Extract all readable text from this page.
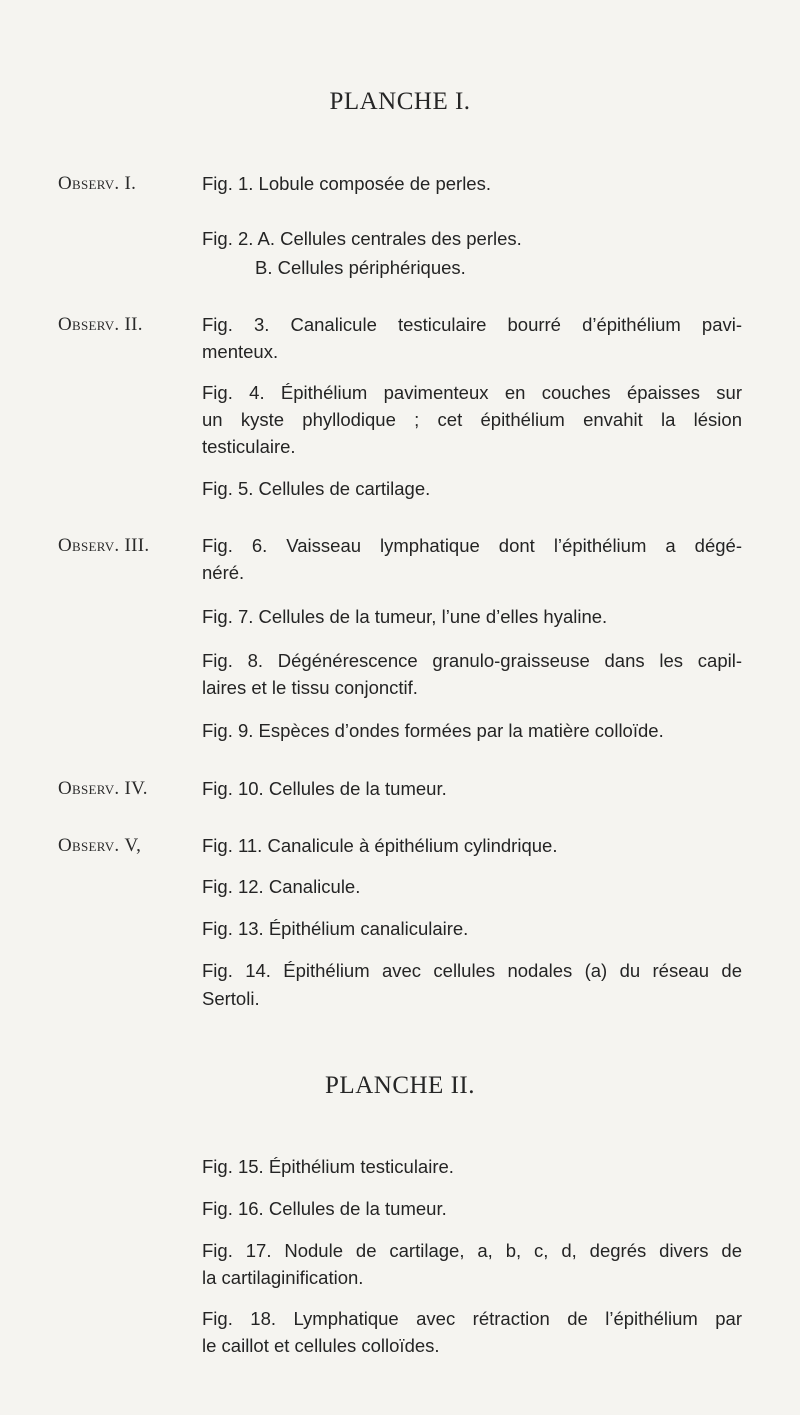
PLANCHE I.
Observ. I.	Fig. 1. Lobule composée de perles.
Fig. 2. A. Cellules centrales des perles.
B. Cellules périphériques.
Observ. II.	Fig. 3. Canalicule testiculaire bourré d’épithélium pavi-
menteux.
Fig. 4. Épithélium pavimenteux en couches épaisses sur
un kyste phyllodique ; cet épithélium envahit la lésion
testiculaire.
Fig. 5. Cellules de cartilage.
Observ. III.	Fig. 6. Vaisseau lymphatique dont l’épithélium a dégé-
néré.
Fig. 7. Cellules de la tumeur, l’une d’elles hyaline.
Fig. 8. Dégénérescence granulo-graisseuse dans les capil-
laires et le tissu conjonctif.
Fig. 9. Espèces d’ondes formées par la matière colloïde.
Observ. IV.	Fig. 10. Cellules de la tumeur.
Observ. V,	Fig. 11. Canalicule à épithélium cylindrique.
Fig. 12. Canalicule.
Fig. 13. Épithélium canaliculaire.
Fig. 14. Épithélium avec cellules nodales (a) du réseau de
Sertoli.
PLANCHE II.
Fig. 15. Épithélium testiculaire.
Fig. 16. Cellules de la tumeur.
Fig. 17. Nodule de cartilage, a, b, c, d, degrés divers de
la cartilaginification.
Fig. 18. Lymphatique avec rétraction de l’épithélium par
le caillot et cellules colloïdes.
